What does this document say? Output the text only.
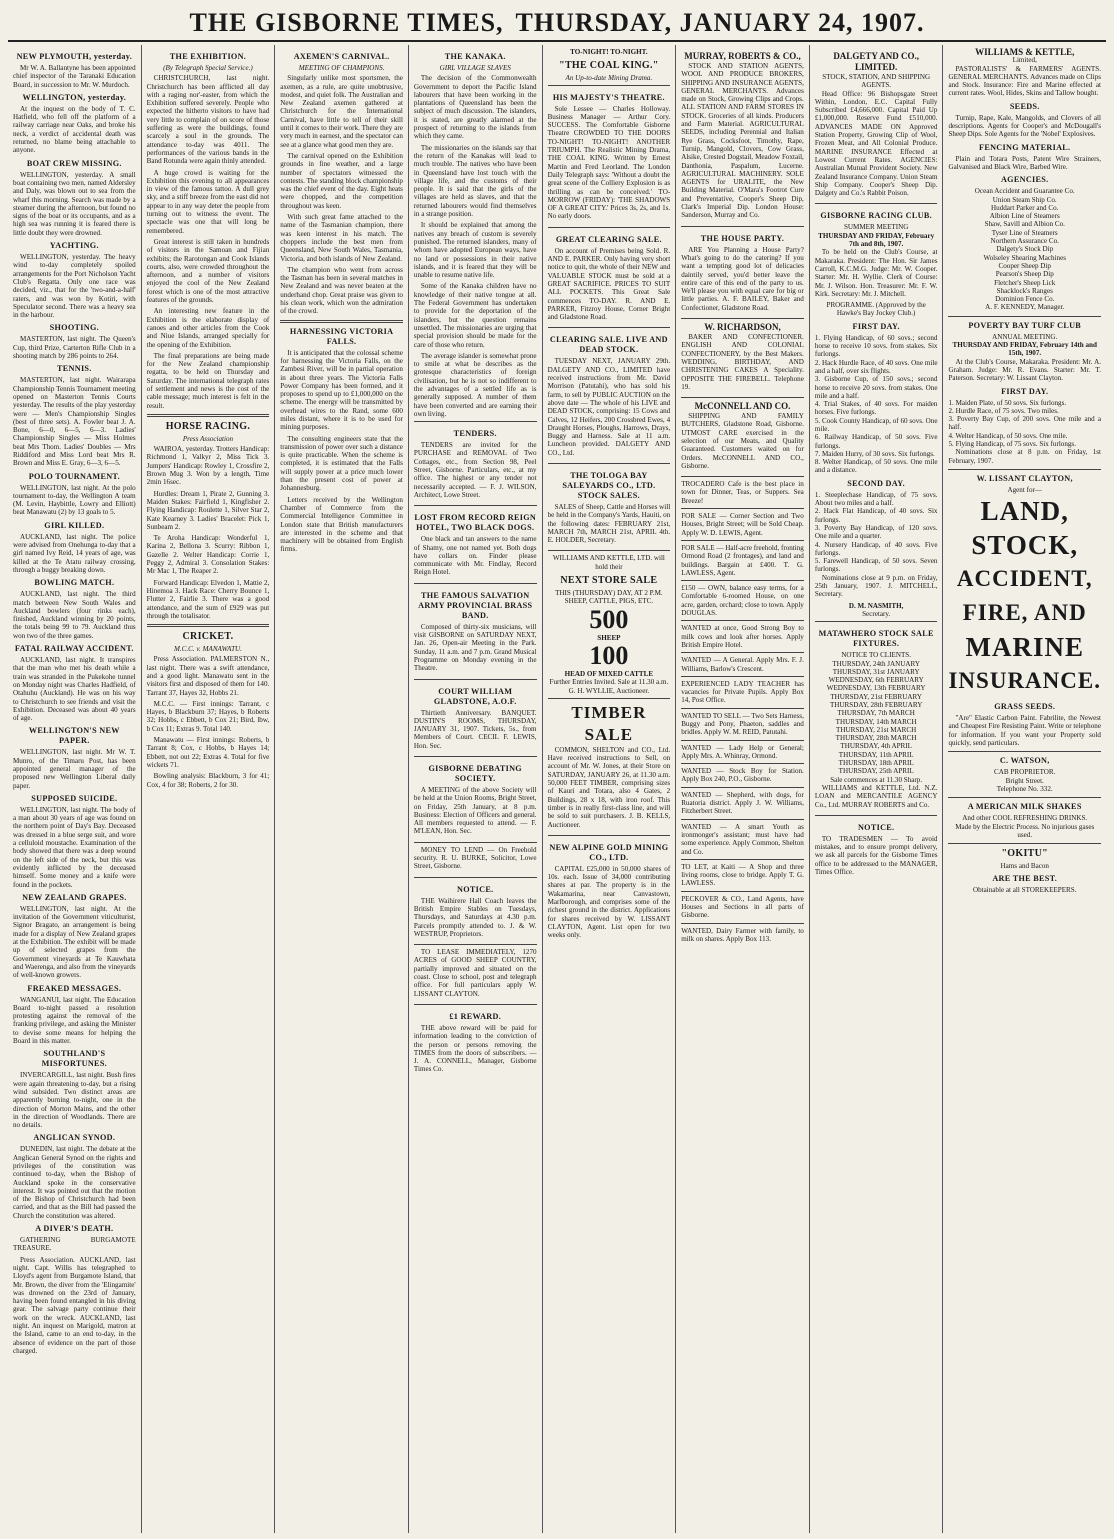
THE GISBORNE TIMES, THURSDAY, JANUARY 24, 1907.
NEW PLYMOUTH, yesterday.

Mr W. A. Ballantyne has been appointed chief inspector of the Taranaki Education Board, in succession to Mr. W. Murdoch.

WELLINGTON, yesterday.

At the inquest on the body of T. C. Hatfield, who fell off the platform of a railway carriage near Oaks, and broke his neck, a verdict of accidental death was returned, no blame being attachable to anyone.

BOAT CREW MISSING.

WELLINGTON, yesterday. A small boat containing two men, named Aldersley and Daly, was blown out to sea from the wharf this morning. Search was made by a steamer during the afternoon, but found no signs of the boat or its occupants, and as a high sea was running it is feared there is little doubt they were drowned.

YACHTING.

WELLINGTON, yesterday. The heavy wind to-day completely spoiled arrangements for the Port Nicholson Yacht Club's Regatta. Only one race was decided, viz., that for the 'two-and-a-half' raters, and was won by Kotiri, with Speculator second. There was a heavy sea in the harbour.

SHOOTING.

MASTERTON, last night. The Queen's Cup, third Prize, Carterton Rifle Club in a shooting match by 286 points to 264.

TENNIS.

MASTERTON, last night. Wairarapa Championship Tennis Tournament meeting opened on Masterton Tennis Courts yesterday. The results of the play yesterday were — Men's Championship Singles (best of three sets). A. Fowler beat J. A. Bone, 6—0, 6—5, 6—3. Ladies' Championship Singles — Miss Holmes beat Mrs Thom. Ladies' Doubles — Mrs Riddiford and Miss Lord beat Mrs R. Brown and Miss E. Gray, 6—3, 6—5.

POLO TOURNAMENT.

WELLINGTON, last night. At the polo tournament to-day, the Wellington A team (M. Levin, Haybittle, Lowry and Elliott) beat Manawatu (2) by 13 goals to 5.

GIRL KILLED.

AUCKLAND, last night. The police were advised from Onehunga to-day that a girl named Ivy Reid, 14 years of age, was killed at the Te Atatu railway crossing, through a buggy breaking down.

BOWLING MATCH.

AUCKLAND, last night. The third match between New South Wales and Auckland bowlers (four rinks each), finished, Auckland winning by 20 points, the totals being 99 to 79. Auckland thus won two of the three games.

FATAL RAILWAY ACCIDENT.

AUCKLAND, last night. It transpires that the man who met his death while a train was stranded in the Pukekohe tunnel on Monday night was Charles Hadfield, of Otahuhu (Auckland). He was on his way to Christchurch to see friends and visit the Exhibition. Deceased was about 40 years of age.

WELLINGTON'S NEW PAPER.

WELLINGTON, last night. Mr W. T. Munro, of the Timaru Post, has been appointed general manager of the proposed new Wellington Liberal daily paper.

SUPPOSED SUICIDE.

WELLINGTON, last night. The body of a man about 30 years of age was found on the northern point of Day's Bay. Deceased was dressed in a blue serge suit, and wore a celluloid moustache. Examination of the body showed that there was a deep wound on the left side of the neck, but this was evidently inflicted by the deceased himself. Some money and a knife were found in the pockets.

NEW ZEALAND GRAPES.

WELLINGTON, last night. At the invitation of the Government viticulturist, Signor Bragato, an arrangement is being made for a display of New Zealand grapes at the Exhibition. The exhibit will be made up of selected grapes from the Government vineyards at Te Kauwhata and Waerenga, and also from the vineyards of well-known growers.

FREAKED MESSAGES.

WANGANUI, last night. The Education Board to-night passed a resolution protesting against the removal of the franking privilege, and asking the Minister to devise some means for helping the Board in this matter.

SOUTHLAND'S MISFORTUNES.

INVERCARGILL, last night. Bush fires were again threatening to-day, but a rising wind subsided. Two distinct areas are apparently burning to-night, one in the direction of Morton Mains, and the other in the direction of Woodlands. There are no details.

ANGLICAN SYNOD.

DUNEDIN, last night. The debate at the Anglican General Synod on the rights and privileges of the constitution was continued to-day, when the Bishop of Auckland spoke in the conservative interest. It was pointed out that the motion of the Bishop of Christchurch had been carried, and that as the Bill had passed the Church the constitution was altered.

A DIVER'S DEATH.

GATHERING BURGAMOTE TREASURE.

Press Association. AUCKLAND, last night. Capt. Willis has telegraphed to Lloyd's agent from Burgamote Island, that Mr. Brown, the diver from the 'Elingamite' was drowned on the 23rd of January, having been found entangled in his diving gear. The salvage party continue their work on the wreck. AUCKLAND, last night. An inquest on Marigold, matron at the Island, came to an end to-day, in the absence of evidence on the part of those charged.

THE EXHIBITION.
(By Telegraph Special Service.)

CHRISTCHURCH, last night. Christchurch has been afflicted all day with a raging nor'-easter, from which the Exhibition suffered severely. People who expected the hitherto visitors to have had very little to complain of on score of those suffering as were the buildings, found scarcely a soul in the grounds. The attendance to-day was 4011. The performances of the various bands in the Band Rotunda were again thinly attended.

A huge crowd is waiting for the Exhibition this evening to all appearances in view of the famous tattoo. A dull grey sky, and a stiff breeze from the east did not appear to in any way deter the people from turning out to witness the event. The spectacle was one that will long be remembered.

Great interest is still taken in hundreds of visitors in the Samoan and Fijian exhibits; the Rarotongan and Cook Islands courts, also, were crowded throughout the afternoon, and a number of visitors enjoyed the cool of the New Zealand forest which is one of the most attractive features of the grounds.

An interesting new feature in the Exhibition is the elaborate display of canoes and other articles from the Cook and Niue Islands, arranged specially for the opening of the Exhibition.

The final preparations are being made for the New Zealand championship regatta, to be held on Thursday and Saturday. The international telegraph rates of settlement and news is the cost of the cable message; much interest is felt in the result.

HORSE RACING.
Press Association

WAIROA, yesterday. Trotters Handicap: Richmond 1, Valkyr 2, Miss Tick 3. Jumpers' Handicap: Rowley 1, Crossfire 2, Brown Mug 3. Won by a length, Time 2min 16sec.

Hurdles: Dream 1, Pirate 2, Gunning 3. Maiden Stakes: Fairfield 1, Kingfisher 2. Flying Handicap: Roulette 1, Silver Star 2, Kate Kearney 3. Ladies' Bracelet: Pick 1, Sunbeam 2.

Te Aroha Handicap: Wonderful 1, Karina 2, Bellona 3. Scurry: Ribbon 1, Gazelle 2. Welter Handicap: Corrie 1, Peggy 2, Admiral 3. Consolation Stakes: Mr Mac 1, The Reaper 2.

Forward Handicap: Elvedon 1, Mattie 2, Hinemoa 3. Hack Race: Cherry Bounce 1, Flutter 2, Fairlie 3. There was a good attendance, and the sum of £929 was put through the totalisator.

CRICKET.
M.C.C. v. MANAWATU.

Press Association. PALMERSTON N., last night. There was a swift attendance, and a good light. Manawatu sent in the visitors first and disposed of them for 140. Tarrant 37, Hayes 32, Hobbs 21.

M.C.C. — First innings: Tarrant, c Hayes, b Blackburn 37; Hayes, b Roberts 32; Hobbs, c Ebbett, b Cox 21; Bird, lbw, b Cox 11; Extras 9. Total 140.

Manawatu — First innings: Roberts, b Tarrant 8; Cox, c Hobbs, b Hayes 14; Ebbett, not out 22; Extras 4. Total for five wickets 71.

Bowling analysis: Blackburn, 3 for 41; Cox, 4 for 38; Roberts, 2 for 30.

AXEMEN'S CARNIVAL.
MEETING OF CHAMPIONS.

Singularly unlike most sportsmen, the axemen, as a rule, are quite unobtrusive, modest, and quiet folk. The Australian and New Zealand axemen gathered at Christchurch for the International Carnival, have little to tell of their skill until it comes to their work. There they are very much in earnest, and the spectator can see at a glance what good men they are.

The carnival opened on the Exhibition grounds in fine weather, and a large number of spectators witnessed the contests. The standing block championship was the chief event of the day. Eight heats were chopped, and the competition throughout was keen.

With such great fame attached to the name of the Tasmanian champion, there was keen interest in his match. The choppers include the best men from Queensland, New South Wales, Tasmania, Victoria, and both islands of New Zealand.

The champion who went from across the Tasman has been in several matches in New Zealand and was never beaten at the underhand chop. Great praise was given to his clean work, which won the admiration of the crowd.

HARNESSING VICTORIA FALLS.

It is anticipated that the colossal scheme for harnessing the Victoria Falls, on the Zambesi River, will be in partial operation in about three years. The Victoria Falls Power Company has been formed, and it proposes to spend up to £1,000,000 on the scheme. The energy will be transmitted by overhead wires to the Rand, some 600 miles distant, where it is to be used for mining purposes.

The consulting engineers state that the transmission of power over such a distance is quite practicable. When the scheme is completed, it is estimated that the Falls will supply power at a price much lower than the present cost of power at Johannesburg.

Letters received by the Wellington Chamber of Commerce from the Commercial Intelligence Committee in London state that British manufacturers are interested in the scheme and that machinery will be obtained from English firms.

THE KANAKA.
GIRL VILLAGE SLAVES

The decision of the Commonwealth Government to deport the Pacific Island labourers that have been working in the plantations of Queensland has been the subject of much discussion. The islanders, it is stated, are greatly alarmed at the prospect of returning to the islands from which they came.

The missionaries on the islands say that the return of the Kanakas will lead to much trouble. The natives who have been in Queensland have lost touch with the village life, and the customs of their people. It is said that the girls of the villages are held as slaves, and that the returned labourers would find themselves in a strange position.

It should be explained that among the natives any breach of custom is severely punished. The returned islanders, many of whom have adopted European ways, have no land or possessions in their native islands, and it is feared that they will be unable to resume native life.

Some of the Kanaka children have no knowledge of their native tongue at all. The Federal Government has undertaken to provide for the deportation of the islanders, but the question remains unsettled. The missionaries are urging that special provision should be made for the care of those who return.

The average islander is somewhat prone to smile at what he describes as the grotesque characteristics of foreign civilisation, but he is not so indifferent to the advantages of a settled life as is generally supposed. A number of them have been converted and are earning their own living.

TENDERS.

TENDERS are invited for the PURCHASE and REMOVAL of Two Cottages, etc., from Section 98, Peel Street, Gisborne. Particulars, etc., at my office. The highest or any tender not necessarily accepted. — F. J. WILSON, Architect, Lowe Street.

LOST FROM RECORD REIGN HOTEL, TWO BLACK DOGS.

One black and tan answers to the name of Shamy, one not named yet. Both dogs have collars on. Finder please communicate with Mr. Findlay, Record Reign Hotel.

THE FAMOUS SALVATION ARMY PROVINCIAL BRASS BAND.

Composed of thirty-six musicians, will visit GISBORNE on SATURDAY NEXT, Jan. 26, Open-air Meeting in the Park. Sunday, 11 a.m. and 7 p.m. Grand Musical Programme on Monday evening in the Theatre.

COURT WILLIAM GLADSTONE, A.O.F.

Thirtieth Anniversary. BANQUET. DUSTIN'S ROOMS, THURSDAY, JANUARY 31, 1907. Tickets, 5s., from Members of Court. CECIL F. LEWIS, Hon. Sec.

GISBORNE DEBATING SOCIETY.

A MEETING of the above Society will be held at the Union Rooms, Bright Street, on Friday, 25th January, at 8 p.m. Business: Election of Officers and general. All members requested to attend. — F. M'LEAN, Hon. Sec.

MONEY TO LEND — On Freehold security. R. U. BURKE, Solicitor, Lowe Street, Gisborne.

NOTICE.

THE Waihirere Hall Coach leaves the British Empire Stables on Tuesdays, Thursdays, and Saturdays at 4.30 p.m. Parcels promptly attended to. J. & W. WESTRUP, Proprietors.

TO LEASE IMMEDIATELY, 1270 ACRES of GOOD SHEEP COUNTRY, partially improved and situated on the coast. Close to school, post and telegraph office. For full particulars apply W. LISSANT CLAYTON.

£1 REWARD.

THE above reward will be paid for information leading to the conviction of the person or persons removing the TIMES from the doors of subscribers. — J. A. CONNELL, Manager, Gisborne Times Co.

TO-NIGHT! TO-NIGHT.
"THE COAL KING."
An Up-to-date Mining Drama.
HIS MAJESTY'S THEATRE.

Sole Lessee — Charles Holloway. Business Manager — Arthur Cory. SUCCESS. The Comfortable Gisborne Theatre CROWDED TO THE DOORS TO-NIGHT! TO-NIGHT! ANOTHER TRIUMPH. The Realistic Mining Drama, THE COAL KING. Written by Ernest Martin and Fred Leorland. The London Daily Telegraph says: 'Without a doubt the great scene of the Colliery Explosion is as thrilling as can be conceived.' TO-MORROW (FRIDAY): 'THE SHADOWS OF A GREAT CITY.' Prices 3s, 2s, and 1s. No early doors.

GREAT CLEARING SALE.

On account of Premises being Sold. R. AND E. PARKER. Only having very short notice to quit, the whole of their NEW and VALUABLE STOCK must be sold at a GREAT SACRIFICE. PRICES TO SUIT ALL POCKETS. This Great Sale commences TO-DAY. R. AND E. PARKER, Fitzroy House, Corner Bright and Gladstone Road.

CLEARING SALE. LIVE AND DEAD STOCK.

TUESDAY NEXT, JANUARY 29th. DALGETY AND CO., LIMITED have received instructions from Mr. David Morrison (Patutahi), who has sold his farm, to sell by PUBLIC AUCTION on the above date — The whole of his LIVE and DEAD STOCK, comprising: 15 Cows and Calves, 12 Heifers, 200 Crossbred Ewes, 4 Draught Horses, Ploughs, Harrows, Drays, Buggy and Harness. Sale at 11 a.m. Luncheon provided. DALGETY AND CO., Ltd.

THE TOLOGA BAY SALEYARDS CO., LTD. STOCK SALES.

SALES of Sheep, Cattle and Horses will be held in the Company's Yards, Hauiti, on the following dates: FEBRUARY 21st, MARCH 7th, MARCH 21st, APRIL 4th. E. HOLDER, Secretary.

WILLIAMS AND KETTLE, LTD. will hold their
NEXT STORE SALE
THIS (THURSDAY) DAY, AT 2 P.M. SHEEP, CATTLE, PIGS, ETC.
500
SHEEP
100
HEAD OF MIXED CATTLE
Further Entries Invited. Sale at 11.30 a.m. G. H. WYLLIE, Auctioneer.
TIMBER SALE

COMMON, SHELTON and CO., Ltd. Have received instructions to Sell, on account of Mr. W. Jones, at their Store on SATURDAY, JANUARY 26, at 11.30 a.m. 50,000 FEET TIMBER, comprising sizes of Kauri and Totara, also 4 Gates, 2 Buildings, 28 x 18, with iron roof. This timber is in really first-class line, and will be sold to suit purchasers. J. B. KELLS, Auctioneer.

NEW ALPINE GOLD MINING CO., LTD.

CAPITAL £25,000 in 50,000 shares of 10s. each. Issue of 34,000 contributing shares at par. The property is in the Wakamarina, near Canvastown, Marlborough, and comprises some of the richest ground in the district. Applications for shares received by W. LISSANT CLAYTON, Agent. List open for two weeks only.

MURRAY, ROBERTS & CO.,

STOCK AND STATION AGENTS, WOOL AND PRODUCE BROKERS, SHIPPING AND INSURANCE AGENTS, GENERAL MERCHANTS. Advances made on Stock, Growing Clips and Crops. ALL STATION AND FARM STORES IN STOCK. Groceries of all kinds. Producers and Farm Material. AGRICULTURAL SEEDS, including Perennial and Italian Rye Grass, Cocksfoot, Timothy, Rape, Turnip, Mangold, Clovers, Cow Grass, Alsike, Crested Dogstail, Meadow Foxtail, Danthonia, Paspalum, Lucerne. AGRICULTURAL MACHINERY. SOLE AGENTS for URALITE, the New Building Material. O'Mara's Footrot Cure and Preventative, Cooper's Sheep Dip, Clark's Imperial Dip. London House: Sanderson, Murray and Co.

THE HOUSE PARTY.

ARE You Planning a House Party? What's going to do the catering? If you want a tempting good lot of delicacies daintily served, you'd better leave the entire care of this end of the party to us. We'll please you with equal care for big or little parties. A. F. BAILEY, Baker and Confectioner, Gladstone Road.

W. RICHARDSON,

BAKER AND CONFECTIONER. ENGLISH AND COLONIAL CONFECTIONERY, by the Best Makers. WEDDING, BIRTHDAY, AND CHRISTENING CAKES A Speciality. OPPOSITE THE FIREBELL. Telephone 19.

McCONNELL AND CO.

SHIPPING AND FAMILY BUTCHERS, Gladstone Road, Gisborne. UTMOST CARE exercised in the selection of our Meats, and Quality Guaranteed. Customers waited on for Orders. McCONNELL AND CO., Gisborne.

TROCADERO Cafe is the best place in town for Dinner, Teas, or Suppers. Sea Breeze!
FOR SALE — Corner Section and Two Houses, Bright Street; will be Sold Cheap. Apply W. D. LEWIS, Agent.
FOR SALE — Half-acre freehold, fronting Ormond Road (2 frontages), and land and buildings. Bargain at £400. T. G. LAWLESS, Agent.
£150 — OWN, balance easy terms, for a Comfortable 6-roomed House, on one acre, garden, orchard; close to town. Apply DOUGLAS.
WANTED at once, Good Strong Boy to milk cows and look after horses. Apply British Empire Hotel.
WANTED — A General. Apply Mrs. F. J. Williams, Barlow's Crescent.
EXPERIENCED LADY TEACHER has vacancies for Private Pupils. Apply Box 14, Post Office.
WANTED TO SELL — Two Sets Harness, Buggy and Pony, Phaeton, saddles and bridles. Apply W. M. REID, Patutahi.
WANTED — Lady Help or General; Apply Mrs. A. Whinray, Ormond.
WANTED — Stock Boy for Station. Apply Box 240, P.O., Gisborne.
WANTED — Shepherd, with dogs, for Ruatoria district. Apply J. W. Williams, Fitzherbert Street.
WANTED — A smart Youth as ironmonger's assistant; must have had some experience. Apply Common, Shelton and Co.
TO LET, at Kaiti — A Shop and three living rooms, close to bridge. Apply T. G. LAWLESS.
PECKOVER & CO., Land Agents, have Houses and Sections in all parts of Gisborne.
WANTED, Dairy Farmer with family, to milk on shares. Apply Box 113.
DALGETY AND CO., LIMITED.
STOCK, STATION, AND SHIPPING AGENTS.

Head Office: 96 Bishopsgate Street Within, London, E.C. Capital Fully Subscribed £4,666,000. Capital Paid Up £1,000,000. Reserve Fund £510,000. ADVANCES MADE ON Approved Station Property, Growing Clip of Wool, Frozen Meat, and All Colonial Produce. MARINE INSURANCE Effected at Lowest Current Rates. AGENCIES: Australian Mutual Provident Society. New Zealand Insurance Company. Union Steam Ship Company. Cooper's Sheep Dip. Dalgety and Co.'s Rabbit Poison.

GISBORNE RACING CLUB.
SUMMER MEETING
THURSDAY AND FRIDAY, February 7th and 8th, 1907.

To be held on the Club's Course, at Makaraka. President: The Hon. Sir James Carroll, K.C.M.G. Judge: Mr. W. Cooper. Starter: Mr. H. Wyllie. Clerk of Course: Mr. J. Wilson. Hon. Treasurer: Mr. F. W. Kirk. Secretary: Mr. J. Mitchell.

PROGRAMME. (Approved by the Hawke's Bay Jockey Club.)
FIRST DAY.
1. Flying Handicap, of 60 sovs.; second horse to receive 10 sovs. from stakes. Six furlongs.
2. Hack Hurdle Race, of 40 sovs. One mile and a half, over six flights.
3. Gisborne Cup, of 150 sovs.; second horse to receive 20 sovs. from stakes. One mile and a half.
4. Trial Stakes, of 40 sovs. For maiden horses. Five furlongs.
5. Cook County Handicap, of 60 sovs. One mile.
6. Railway Handicap, of 50 sovs. Five furlongs.
7. Maiden Hurry, of 30 sovs. Six furlongs.
8. Welter Handicap, of 50 sovs. One mile and a distance.
SECOND DAY.
1. Steeplechase Handicap, of 75 sovs. About two miles and a half.
2. Hack Flat Handicap, of 40 sovs. Six furlongs.
3. Poverty Bay Handicap, of 120 sovs. One mile and a quarter.
4. Nursery Handicap, of 40 sovs. Five furlongs.
5. Farewell Handicap, of 50 sovs. Seven furlongs.

Nominations close at 9 p.m. on Friday, 25th January, 1907. J. MITCHELL, Secretary.

D. M. NASMITH,
Secretary.
MATAWHERO STOCK SALE FIXTURES.
NOTICE TO CLIENTS.
THURSDAY, 24th JANUARY
THURSDAY, 31st JANUARY
WEDNESDAY, 6th FEBRUARY
WEDNESDAY, 13th FEBRUARY
THURSDAY, 21st FEBRUARY
THURSDAY, 28th FEBRUARY
THURSDAY, 7th MARCH
THURSDAY, 14th MARCH
THURSDAY, 21st MARCH
THURSDAY, 28th MARCH
THURSDAY, 4th APRIL
THURSDAY, 11th APRIL
THURSDAY, 18th APRIL
THURSDAY, 25th APRIL
Sale commences at 11.30 Sharp.

WILLIAMS and KETTLE, Ltd. N.Z. LOAN and MERCANTILE AGENCY Co., Ltd. MURRAY ROBERTS and Co.

NOTICE.

TO TRADESMEN — To avoid mistakes, and to ensure prompt delivery, we ask all parcels for the Gisborne Times office to be addressed to the MANAGER, Times Office.

WILLIAMS & KETTLE,
Limited,

PASTORALISTS' & FARMERS' AGENTS. GENERAL MERCHANTS. Advances made on Clips and Stock. Insurance: Fire and Marine effected at current rates. Wool, Hides, Skins and Tallow bought.

SEEDS.

Turnip, Rape, Kale, Mangolds, and Clovers of all descriptions. Agents for Cooper's and McDougall's Sheep Dips. Sole Agents for the 'Nobel' Explosives.

FENCING MATERIAL.

Plain and Totara Posts, Patent Wire Strainers, Galvanised and Black Wire, Barbed Wire.

AGENCIES.
Ocean Accident and Guarantee Co.
Union Steam Ship Co.
Huddart Parker and Co.
Albion Line of Steamers
Shaw, Savill and Albion Co.
Tyser Line of Steamers
Northern Assurance Co.
Dalgety's Stock Dip
Wolseley Shearing Machines
Cooper Sheep Dip
Pearson's Sheep Dip
Fletcher's Sheep Lick
Shacklock's Ranges
Dominion Fence Co.
A. F. KENNEDY, Manager.
POVERTY BAY TURF CLUB
ANNUAL MEETING.
THURSDAY AND FRIDAY, February 14th and 15th, 1907.

At the Club's Course, Makaraka. President: Mr. A. Graham. Judge: Mr. R. Evans. Starter: Mr. T. Paterson. Secretary: W. Lissant Clayton.

FIRST DAY.
1. Maiden Plate, of 50 sovs. Six furlongs.
2. Hurdle Race, of 75 sovs. Two miles.
3. Poverty Bay Cup, of 200 sovs. One mile and a half.
4. Welter Handicap, of 50 sovs. One mile.
5. Flying Handicap, of 75 sovs. Six furlongs.

Nominations close at 8 p.m. on Friday, 1st February, 1907.

W. LISSANT CLAYTON,
Agent for—
LAND,
STOCK,
ACCIDENT,
FIRE, AND
MARINE
INSURANCE.
GRASS SEEDS.

"Are" Elastic Carbon Paint. Fabrilite, the Newest and Cheapest Fire Resisting Paint. Write or telephone for information. If you want your Property sold quickly, send particulars.

C. WATSON,
CAB PROPRIETOR.
Bright Street.
Telephone No. 332.
A MERICAN MILK SHAKES
And other COOL REFRESHING DRINKS.
Made by the Electric Process. No injurious gases used.
"OKITU"
Hams and Bacon
ARE THE BEST.
Obtainable at all STOREKEEPERS.
